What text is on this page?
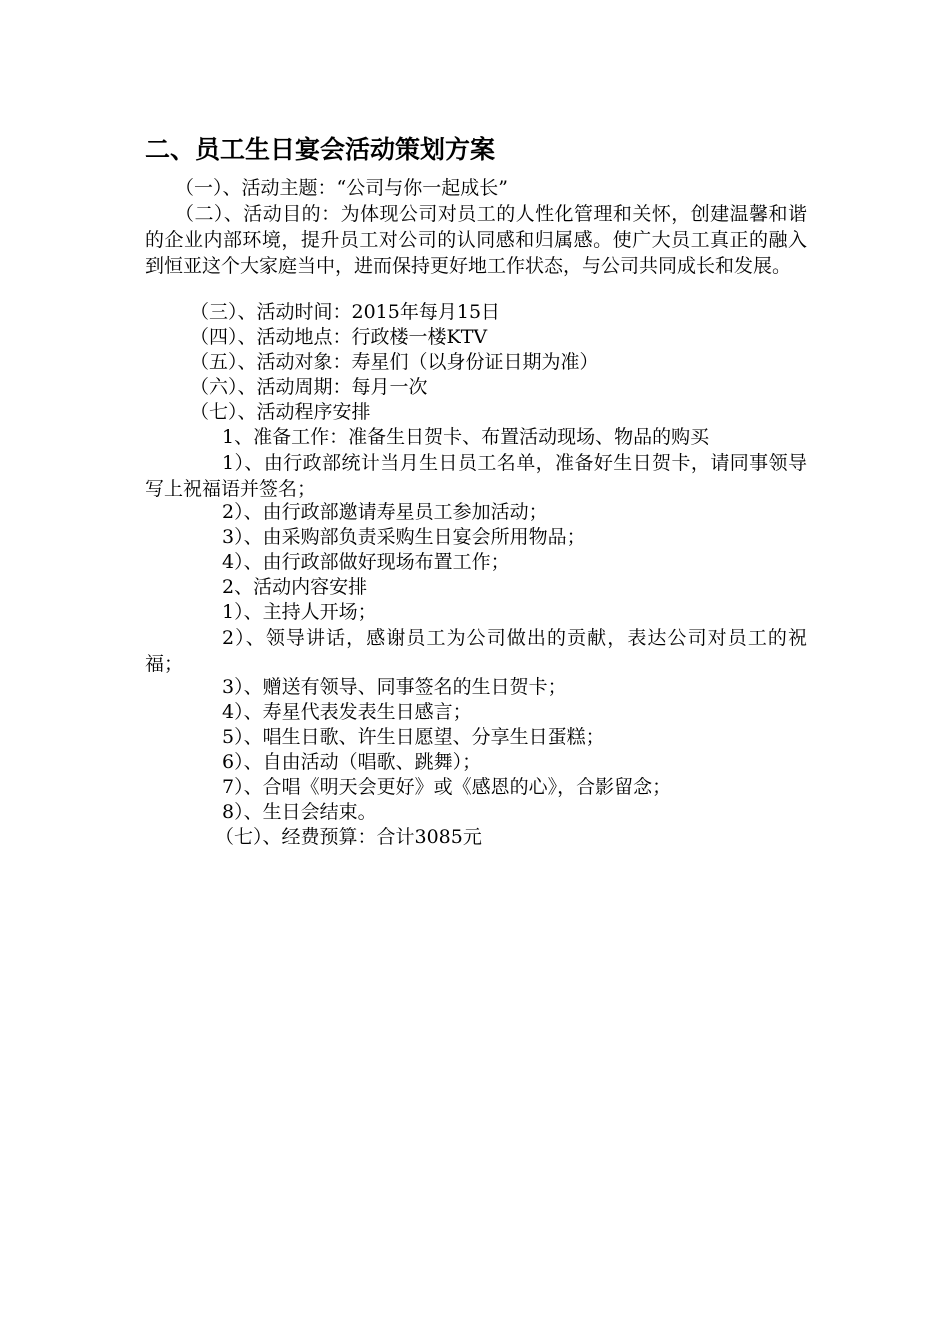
二、员工生日宴会活动策划方案
（一）、活动主题：“公司与你一起成长”
（二）、活动目的：为体现公司对员工的人性化管理和关怀，创建温馨和谐的企业内部环境，提升员工对公司的认同感和归属感。使广大员工真正的融入到恒亚这个大家庭当中，进而保持更好地工作状态，与公司共同成长和发展。
（三）、活动时间：2015年每月15日
（四）、活动地点：行政楼一楼KTV
（五）、活动对象：寿星们（以身份证日期为准）
（六）、活动周期：每月一次
（七）、活动程序安排
1、准备工作：准备生日贺卡、布置活动现场、物品的购买
1）、由行政部统计当月生日员工名单，准备好生日贺卡，请同事领导写上祝福语并签名；
2）、由行政部邀请寿星员工参加活动；
3）、由采购部负责采购生日宴会所用物品；
4）、由行政部做好现场布置工作；
2、活动内容安排
1）、主持人开场；
2）、领导讲话，感谢员工为公司做出的贡献，表达公司对员工的祝福；
3）、赠送有领导、同事签名的生日贺卡；
4）、寿星代表发表生日感言；
5）、唱生日歌、许生日愿望、分享生日蛋糕；
6）、自由活动（唱歌、跳舞）；
7）、合唱《明天会更好》或《感恩的心》，合影留念；
8）、生日会结束。
（七）、经费预算：合计3085元
